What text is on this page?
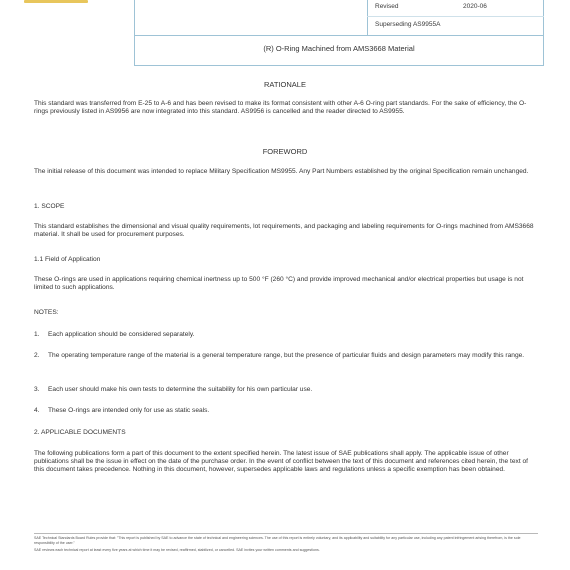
Revised	2020-06
Superseding AS9955A
(R) O-Ring Machined from AMS3668 Material
RATIONALE
This standard was transferred from E-25 to A-6 and has been revised to make its format consistent with other A-6 O-ring part standards. For the sake of efficiency, the O-rings previously listed in AS9956 are now integrated into this standard. AS9956 is cancelled and the reader directed to AS9955.
FOREWORD
The initial release of this document was intended to replace Military Specification MS9955. Any Part Numbers established by the original Specification remain unchanged.
1. SCOPE
This standard establishes the dimensional and visual quality requirements, lot requirements, and packaging and labeling requirements for O-rings machined from AMS3668 material. It shall be used for procurement purposes.
1.1 Field of Application
These O-rings are used in applications requiring chemical inertness up to 500 °F (260 °C) and provide improved mechanical and/or electrical properties but usage is not limited to such applications.
NOTES:
1. Each application should be considered separately.
2. The operating temperature range of the material is a general temperature range, but the presence of particular fluids and design parameters may modify this range.
3. Each user should make his own tests to determine the suitability for his own particular use.
4. These O-rings are intended only for use as static seals.
2. APPLICABLE DOCUMENTS
The following publications form a part of this document to the extent specified herein. The latest issue of SAE publications shall apply. The applicable issue of other publications shall be the issue in effect on the date of the purchase order. In the event of conflict between the text of this document and references cited herein, the text of this document takes precedence. Nothing in this document, however, supersedes applicable laws and regulations unless a specific exemption has been obtained.
SAE Technical Standards Board Rules provide that: "This report is published by SAE to advance the state of technical and engineering sciences. The use of this report is entirely voluntary, and its applicability and suitability for any particular use, including any patent infringement arising therefrom, is the sole responsibility of the user."
SAE reviews each technical report at least every five years at which time it may be revised, reaffirmed, stabilized, or cancelled. SAE invites your written comments and suggestions.
